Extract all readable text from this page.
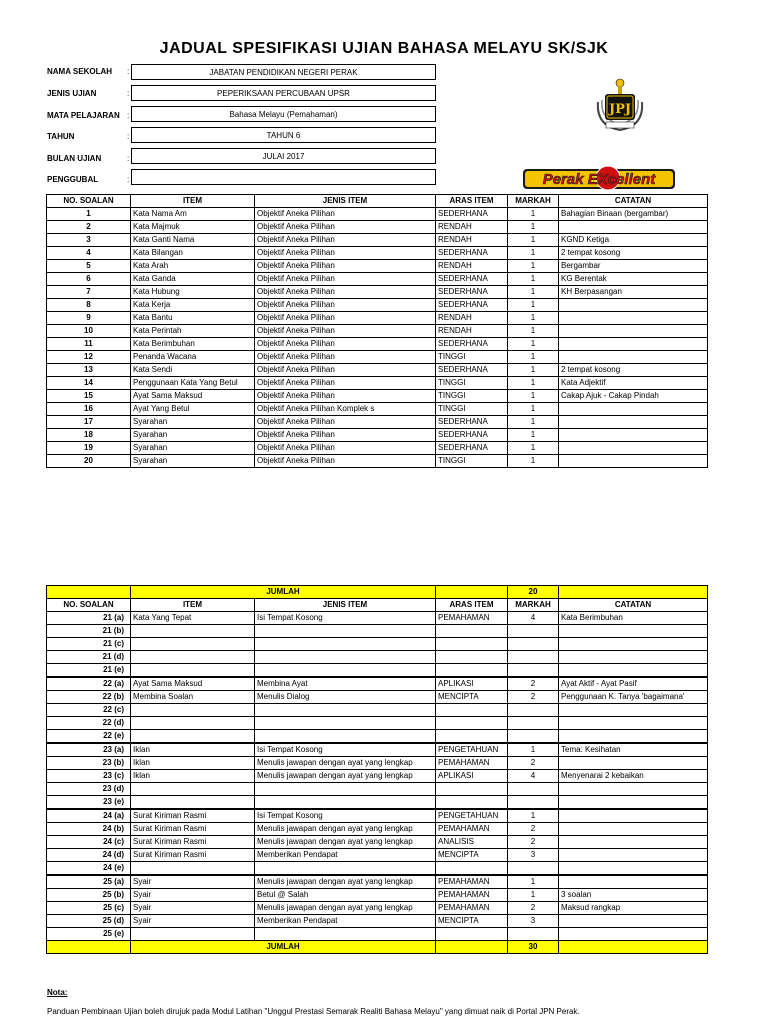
JADUAL SPESIFIKASI UJIAN BAHASA MELAYU SK/SJK
NAMA SEKOLAH :	JABATAN PENDIDIKAN NEGERI PERAK
JENIS UJIAN	:	PEPERIKSAAN PERCUBAAN UPSR
MATA PELAJARAN :	Bahasa Melayu (Pemahaman)
TAHUN	:	TAHUN 6
BULAN UJIAN	:	JULAI 2017
PENGGUBAL	:
JPJ
Perak EXcellent
NO. SOALAN	ITEM	JENIS ITEM	ARAS ITEM	MARKAH	CATATAN
1	Kata Nama Am	Objektif Aneka Pilihan	SEDERHANA	1	Bahagian Binaan (bergambar)
2	Kata Majmuk	Objektif Aneka Pilihan	RENDAH	1	
3	Kata Ganti Nama	Objektif Aneka Pilihan	RENDAH	1	KGND Ketiga
4	Kata Bilangan	Objektif Aneka Pilihan	SEDERHANA	1	2 tempat kosong
5	Kata Arah	Objektif Aneka Pilihan	RENDAH	1	Bergambar
6	Kata Ganda	Objektif Aneka Pilihan	SEDERHANA	1	KG Berentak
7	Kata Hubung	Objektif Aneka Pilihan	SEDERHANA	1	KH Berpasangan
8	Kata Kerja	Objektif Aneka Pilihan	SEDERHANA	1	
9	Kata Bantu	Objektif Aneka Pilihan	RENDAH	1	
10	Kata Perintah	Objektif Aneka Pilihan	RENDAH	1	
11	Kata Berimbuhan	Objektif Aneka Pilihan	SEDERHANA	1	
12	Penanda Wacana	Objektif Aneka Pilihan	TINGGI	1	
13	Kata Sendi	Objektif Aneka Pilihan	SEDERHANA	1	2 tempat kosong
14	Penggunaan Kata Yang Betul	Objektif Aneka Pilihan	TINGGI	1	Kata Adjektif
15	Ayat Sama Maksud	Objektif Aneka Pilihan	TINGGI	1	Cakap Ajuk - Cakap Pindah
16	Ayat Yang Betul	Objektif Aneka Pilihan Komplek s	TINGGI	1	
17	Syarahan	Objektif Aneka Pilihan	SEDERHANA	1	
18	Syarahan	Objektif Aneka Pilihan	SEDERHANA	1	
19	Syarahan	Objektif Aneka Pilihan	SEDERHANA	1	
20	Syarahan	Objektif Aneka Pilihan	TINGGI	1	
	JUMLAH			20	
NO. SOALAN	ITEM	JENIS ITEM	ARAS ITEM	MARKAH	CATATAN
21 (a)	Kata Yang Tepat	Isi Tempat Kosong	PEMAHAMAN	4	Kata Berimbuhan
21 (b)					
21 (c)					
21 (d)					
21 (e)					
22 (a)	Ayat Sama Maksud	Membina Ayat	APLIKASI	2	Ayat Aktif - Ayat Pasif
22 (b)	Membina Soalan	Menulis Dialog	MENCIPTA	2	Penggunaan K. Tanya 'bagaimana'
22 (c)					
22 (d)					
22 (e)					
23 (a)	Iklan	Isi Tempat Kosong	PENGETAHUAN	1	Tema: Kesihatan
23 (b)	Iklan	Menulis jawapan dengan ayat yang lengkap	PEMAHAMAN	2	
23 (c)	Iklan	Menulis jawapan dengan ayat yang lengkap	APLIKASI	4	Menyenarai 2 kebaikan
23 (d)					
23 (e)					
24 (a)	Surat Kiriman Rasmi	Isi Tempat Kosong	PENGETAHUAN	1	
24 (b)	Surat Kiriman Rasmi	Menulis jawapan dengan ayat yang lengkap	PEMAHAMAN	2	
24 (c)	Surat Kiriman Rasmi	Menulis jawapan dengan ayat yang lengkap	ANALISIS	2	
24 (d)	Surat Kiriman Rasmi	Memberikan Pendapat	MENCIPTA	3	
24 (e)					
25 (a)	Syair	Menulis jawapan dengan ayat yang lengkap	PEMAHAMAN	1	
25 (b)	Syair	Betul @ Salah	PEMAHAMAN	1	3 soalan
25 (c)	Syair	Menulis jawapan dengan ayat yang lengkap	PEMAHAMAN	2	Maksud rangkap
25 (d)	Syair	Memberikan Pendapat	MENCIPTA	3	
25 (e)					
	JUMLAH			30	
Nota:
Panduan Pembinaan Ujian boleh dirujuk pada Modul Latihan "Unggul Prestasi Semarak Realiti Bahasa Melayu" yang dimuat naik di Portal JPN Perak.
